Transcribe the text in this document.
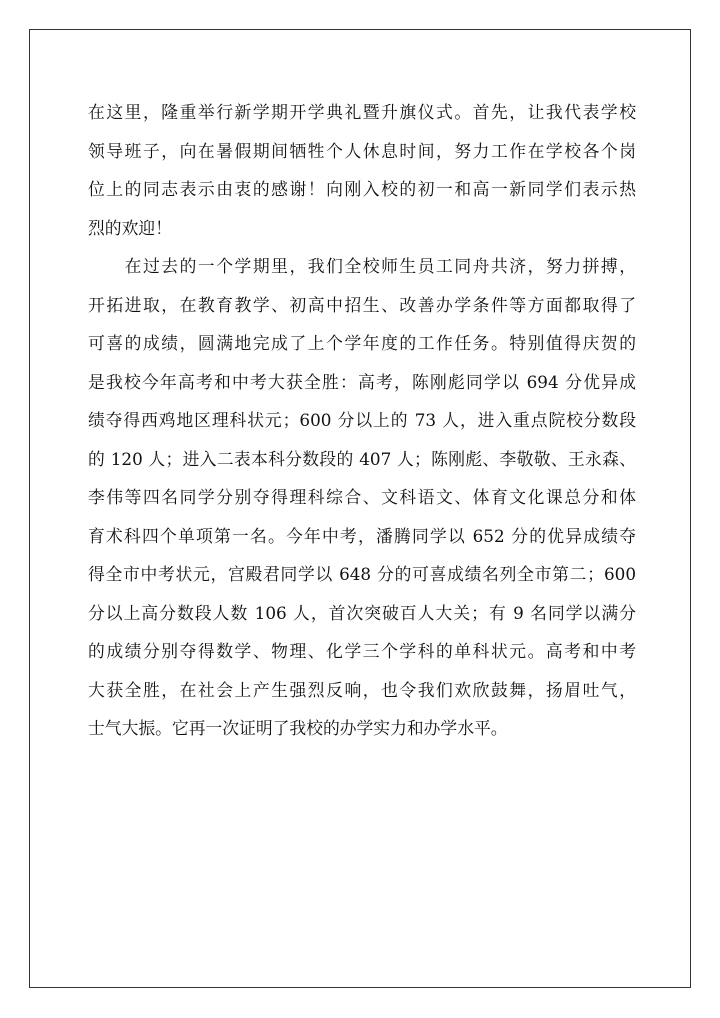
在这里，隆重举行新学期开学典礼暨升旗仪式。首先，让我代表学校
领导班子，向在暑假期间牺牲个人休息时间，努力工作在学校各个岗
位上的同志表示由衷的感谢！向刚入校的初一和高一新同学们表示热
烈的欢迎！
　　在过去的一个学期里，我们全校师生员工同舟共济，努力拼搏，
开拓进取，在教育教学、初高中招生、改善办学条件等方面都取得了
可喜的成绩，圆满地完成了上个学年度的工作任务。特别值得庆贺的
是我校今年高考和中考大获全胜：高考，陈刚彪同学以 694 分优异成
绩夺得西鸡地区理科状元；600 分以上的 73 人，进入重点院校分数段
的 120 人；进入二表本科分数段的 407 人；陈刚彪、李敬敬、王永森、
李伟等四名同学分别夺得理科综合、文科语文、体育文化课总分和体
育术科四个单项第一名。今年中考，潘腾同学以 652 分的优异成绩夺
得全市中考状元，宫殿君同学以 648 分的可喜成绩名列全市第二；600
分以上高分数段人数 106 人，首次突破百人大关；有 9 名同学以满分
的成绩分别夺得数学、物理、化学三个学科的单科状元。高考和中考
大获全胜，在社会上产生强烈反响，也令我们欢欣鼓舞，扬眉吐气，
士气大振。它再一次证明了我校的办学实力和办学水平。
